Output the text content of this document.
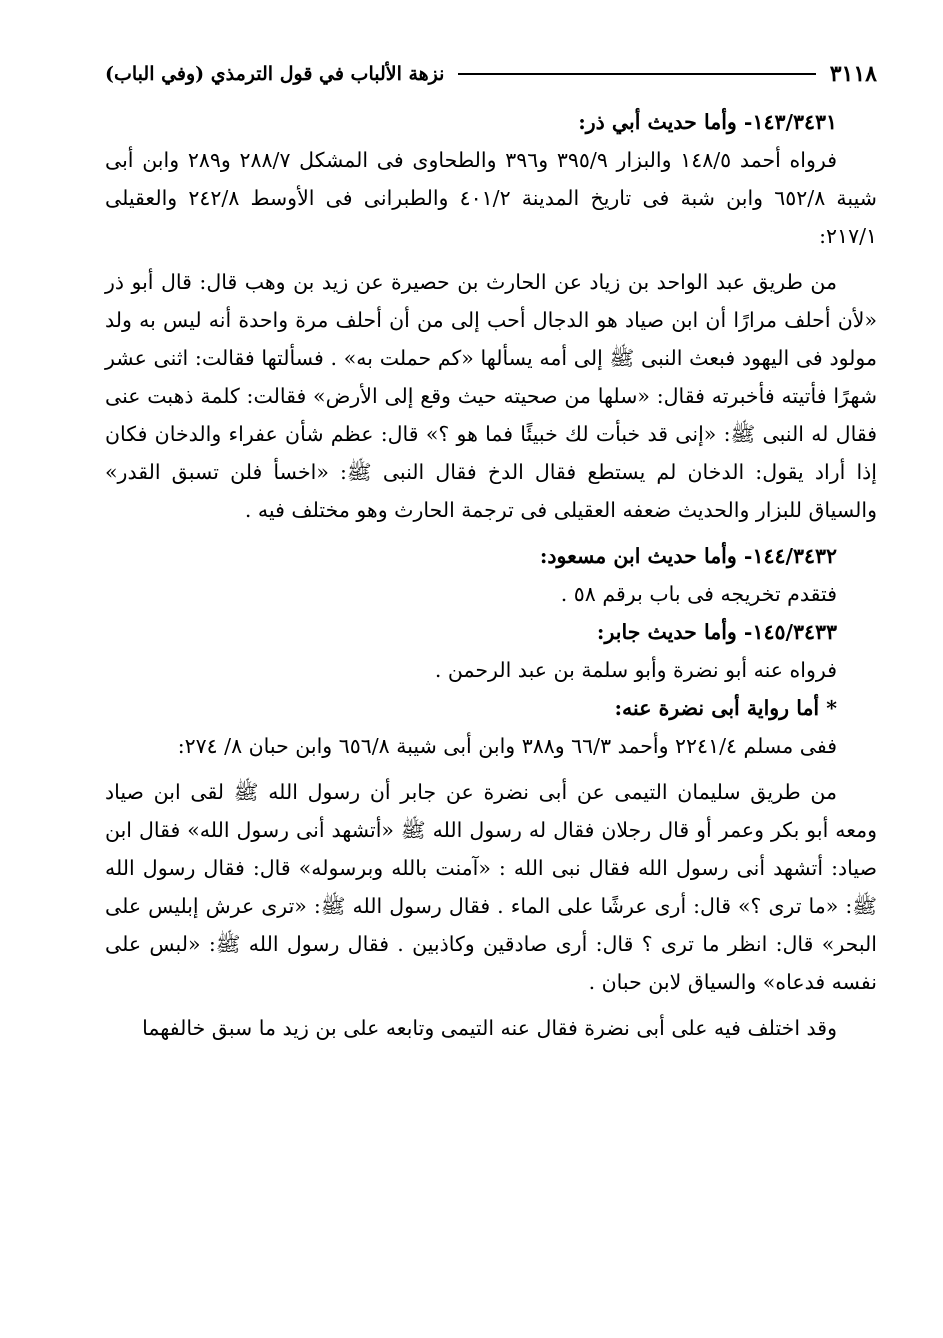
٣١١٨
نزهة الألباب في قول الترمذي (وفي الباب)

١٤٣/٣٤٣١- وأما حديث أبي ذر:

فرواه أحمد ١٤٨/٥ والبزار ٣٩٥/٩ و٣٩٦ والطحاوى فى المشكل ٢٨٨/٧ و٢٨٩ وابن أبى شيبة ٦٥٢/٨ وابن شبة فى تاريخ المدينة ٤٠١/٢ والطبرانى فى الأوسط ٢٤٢/٨ والعقيلى ٢١٧/١:

من طريق عبد الواحد بن زياد عن الحارث بن حصيرة عن زيد بن وهب قال: قال أبو ذر «لأن أحلف مرارًا أن ابن صياد هو الدجال أحب إلى من أن أحلف مرة واحدة أنه ليس به ولد مولود فى اليهود فبعث النبى ﷺ إلى أمه يسألها «كم حملت به» . فسألتها فقالت: اثنى عشر شهرًا فأتيته فأخبرته فقال: «سلها من صحيته حيث وقع إلى الأرض» فقالت: كلمة ذهبت عنى فقال له النبى ﷺ: «إنى قد خبأت لك خبيئًا فما هو ؟» قال: عظم شأن عفراء والدخان فكان إذا أراد يقول: الدخان لم يستطع فقال الدخ فقال النبى ﷺ: «اخسأ فلن تسبق القدر» والسياق للبزار والحديث ضعفه العقيلى فى ترجمة الحارث وهو مختلف فيه .

١٤٤/٣٤٣٢- وأما حديث ابن مسعود:

فتقدم تخريجه فى باب برقم ٥٨ .

١٤٥/٣٤٣٣- وأما حديث جابر:

فرواه عنه أبو نضرة وأبو سلمة بن عبد الرحمن .

* أما رواية أبى نضرة عنه:

ففى مسلم ٢٢٤١/٤ وأحمد ٦٦/٣ و٣٨٨ وابن أبى شيبة ٦٥٦/٨ وابن حبان ٨/ ٢٧٤:

من طريق سليمان التيمى عن أبى نضرة عن جابر أن رسول الله ﷺ لقى ابن صياد ومعه أبو بكر وعمر أو قال رجلان فقال له رسول الله ﷺ «أتشهد أنى رسول الله» فقال ابن صياد: أتشهد أنى رسول الله فقال نبى الله : «آمنت بالله وبرسوله» قال: فقال رسول الله ﷺ: «ما ترى ؟» قال: أرى عرشًا على الماء . فقال رسول الله ﷺ: «ترى عرش إبليس على البحر» قال: انظر ما ترى ؟ قال: أرى صادقين وكاذبين . فقال رسول الله ﷺ: «لبس على نفسه فدعاه» والسياق لابن حبان .

وقد اختلف فيه على أبى نضرة فقال عنه التيمى وتابعه على بن زيد ما سبق خالفهما
